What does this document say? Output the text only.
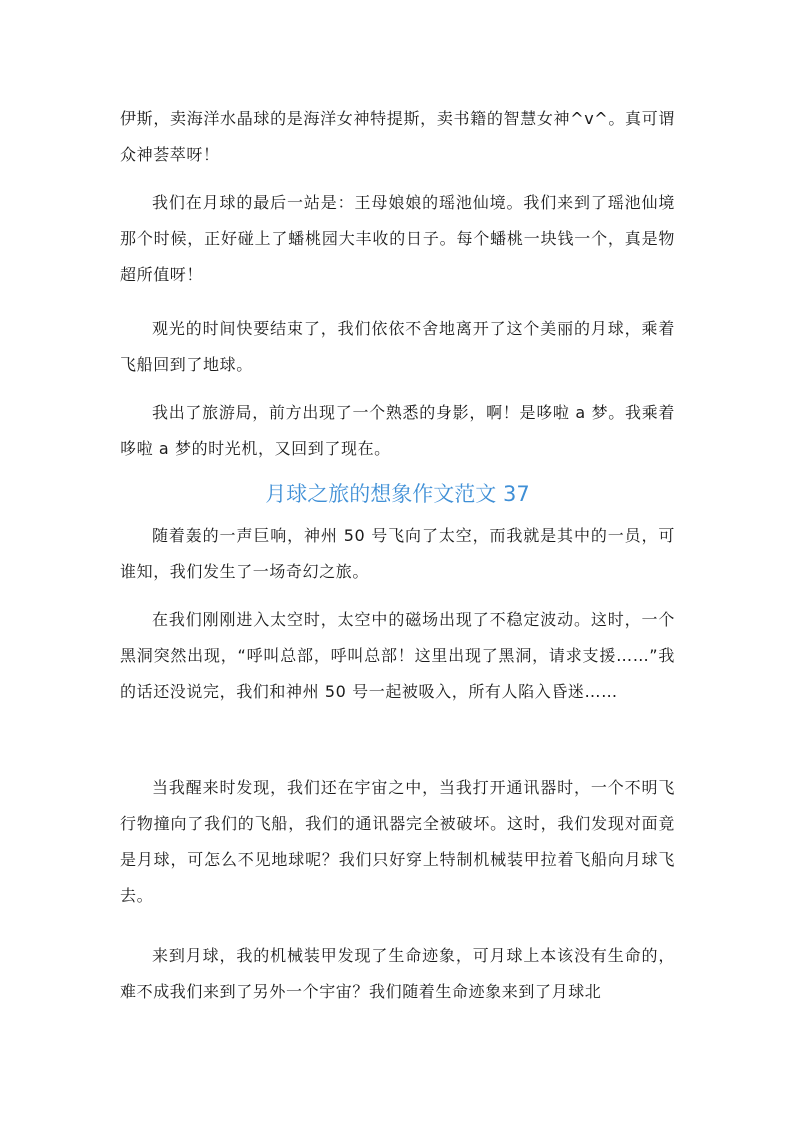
伊斯，卖海洋水晶球的是海洋女神特提斯，卖书籍的智慧女神^v^。真可谓众神荟萃呀！

我们在月球的最后一站是：王母娘娘的瑶池仙境。我们来到了瑶池仙境那个时候，正好碰上了蟠桃园大丰收的日子。每个蟠桃一块钱一个，真是物超所值呀！

观光的时间快要结束了，我们依依不舍地离开了这个美丽的月球，乘着飞船回到了地球。

我出了旅游局，前方出现了一个熟悉的身影，啊！是哆啦 a 梦。我乘着哆啦 a 梦的时光机，又回到了现在。

月球之旅的想象作文范文 37

随着轰的一声巨响，神州 50 号飞向了太空，而我就是其中的一员，可谁知，我们发生了一场奇幻之旅。

在我们刚刚进入太空时，太空中的磁场出现了不稳定波动。这时，一个黑洞突然出现，“呼叫总部，呼叫总部！这里出现了黑洞，请求支援……”我的话还没说完，我们和神州 50 号一起被吸入，所有人陷入昏迷……

当我醒来时发现，我们还在宇宙之中，当我打开通讯器时，一个不明飞行物撞向了我们的飞船，我们的通讯器完全被破坏。这时，我们发现对面竟是月球，可怎么不见地球呢？我们只好穿上特制机械装甲拉着飞船向月球飞去。

来到月球，我的机械装甲发现了生命迹象，可月球上本该没有生命的，难不成我们来到了另外一个宇宙？我们随着生命迹象来到了月球北
